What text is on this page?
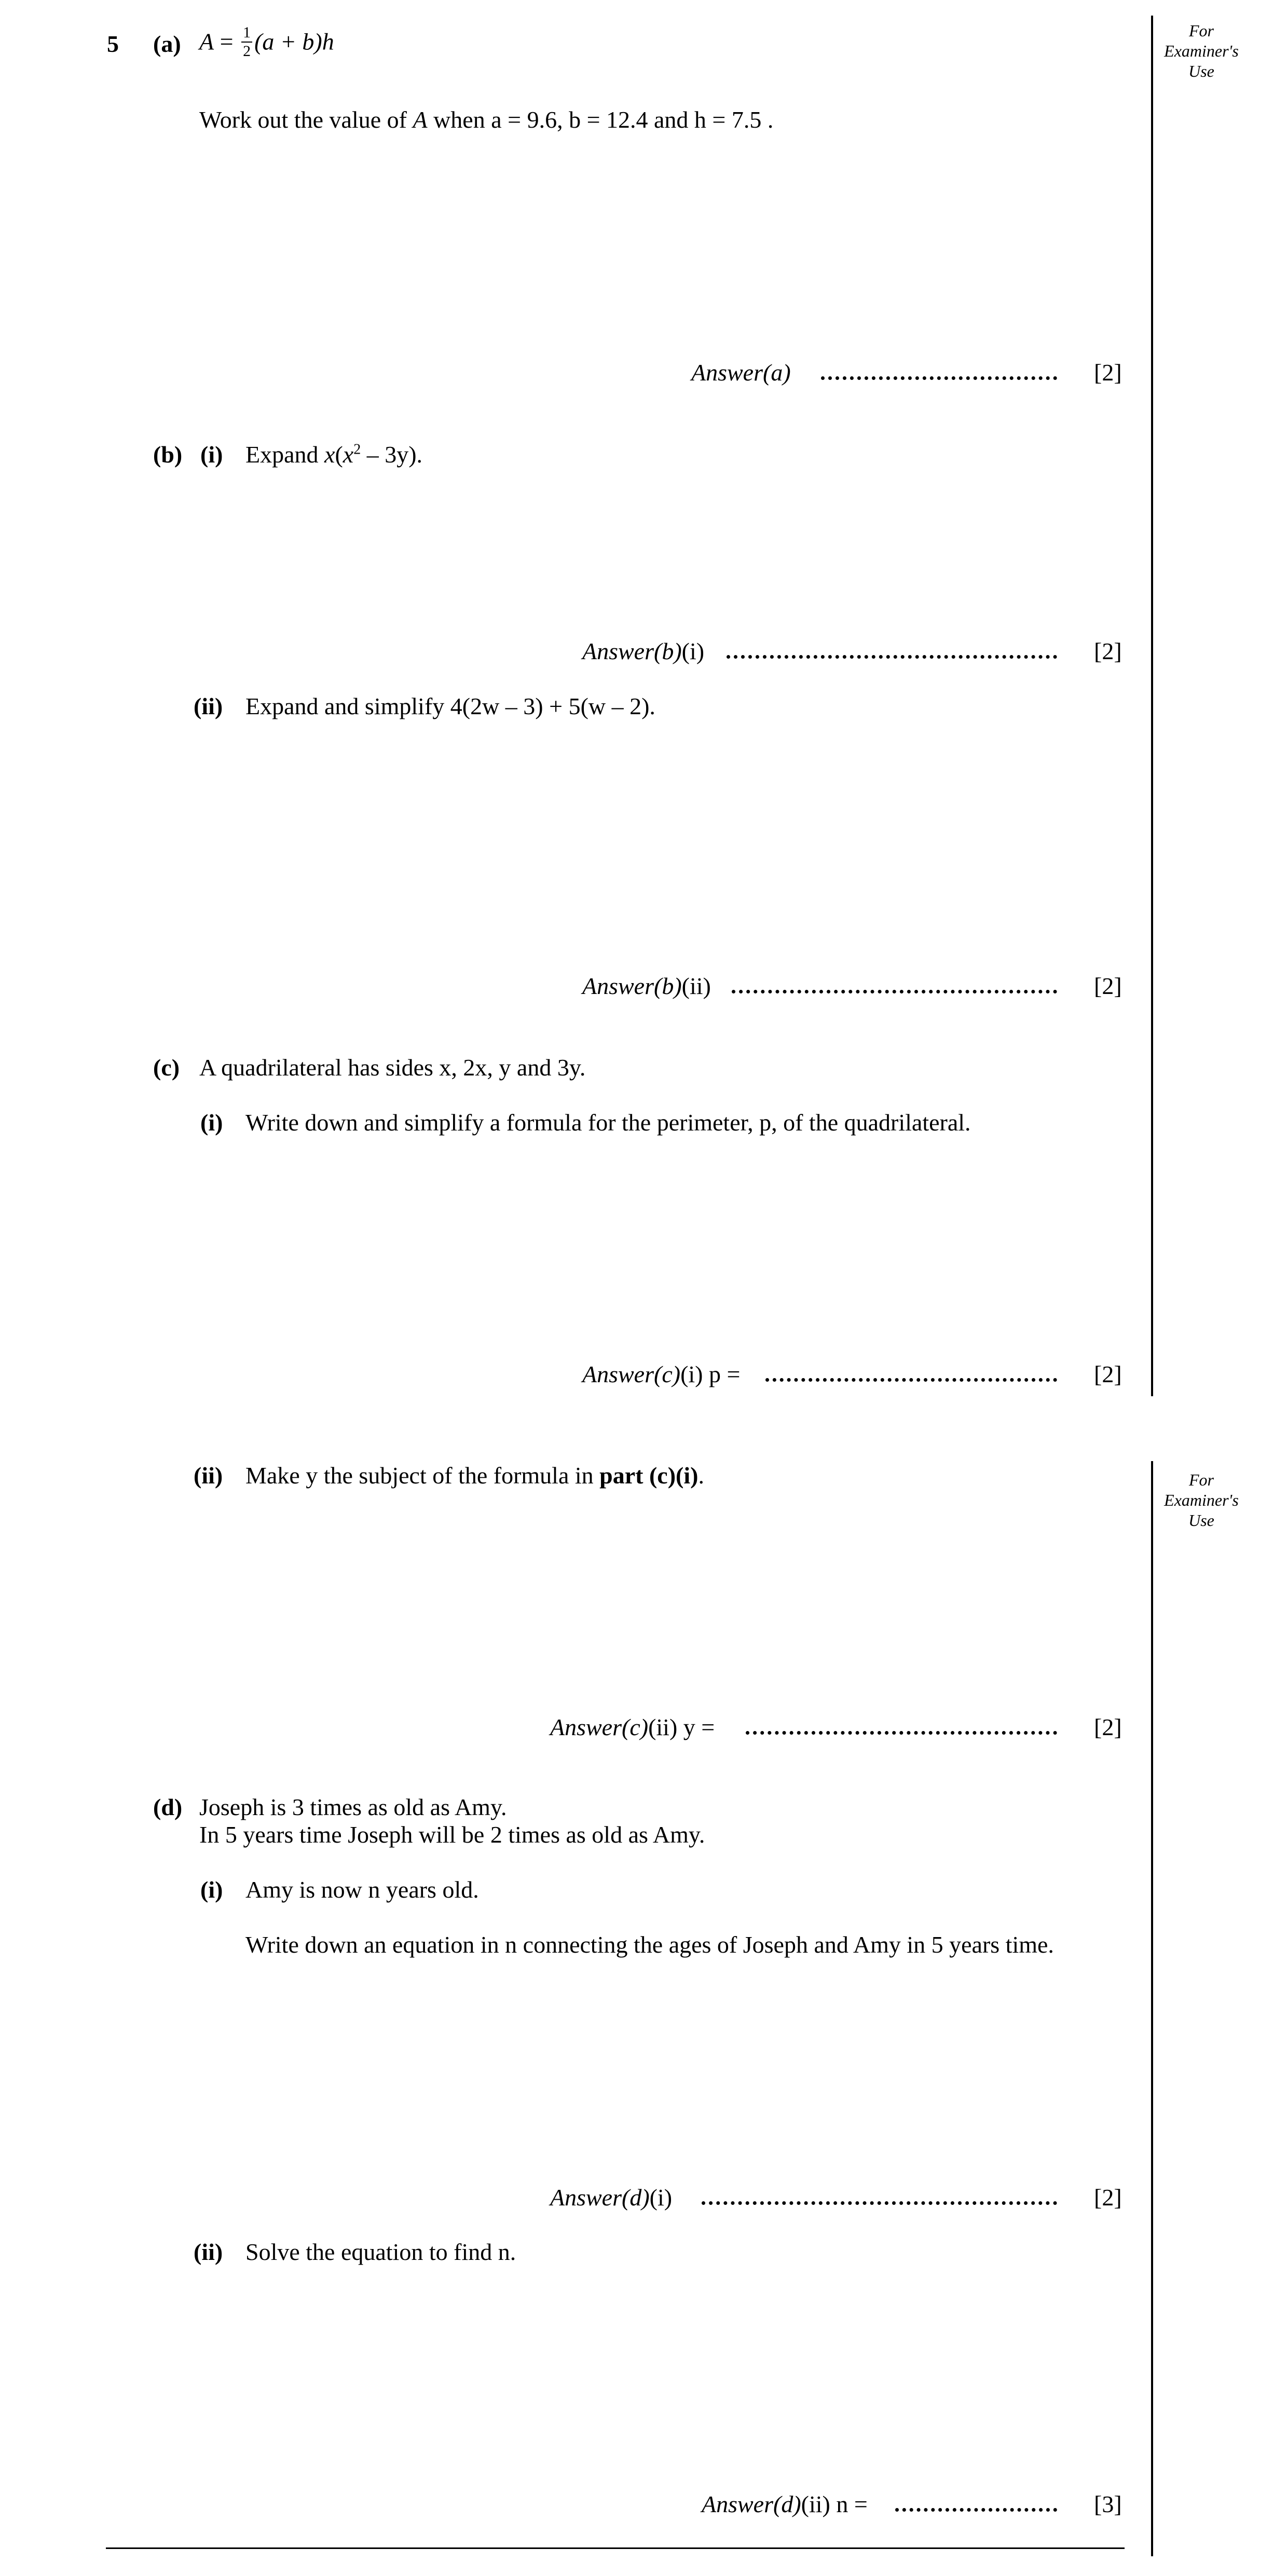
For
Examiner's
Use
For
Examiner's
Use
5 (a) $A = \frac{1}{2} (a + b)h$
Work out the value of A when a = 9.6, b = 12.4 and h = 7.5 .
Answer(a)	[2]
(b) (i) Expand $x(x^2 - 3y)$.
Answer(b)(i)	[2]
(ii) Expand and simplify 4(2w – 3) + 5(w – 2).
Answer(b)(ii)	[2]
(c) A quadrilateral has sides x, 2x, y and 3y.
(i) Write down and simplify a formula for the perimeter, p, of the quadrilateral.
Answer(c)(i) p =	[2]
(ii) Make y the subject of the formula in part (c)(i).
Answer(c)(ii) y =	[2]
(d) Joseph is 3 times as old as Amy.
In 5 years time Joseph will be 2 times as old as Amy.
(i) Amy is now n years old.
Write down an equation in n connecting the ages of Joseph and Amy in 5 years time.
Answer(d)(i)	[2]
(ii) Solve the equation to find n.
Answer(d)(ii) n =	[3]
